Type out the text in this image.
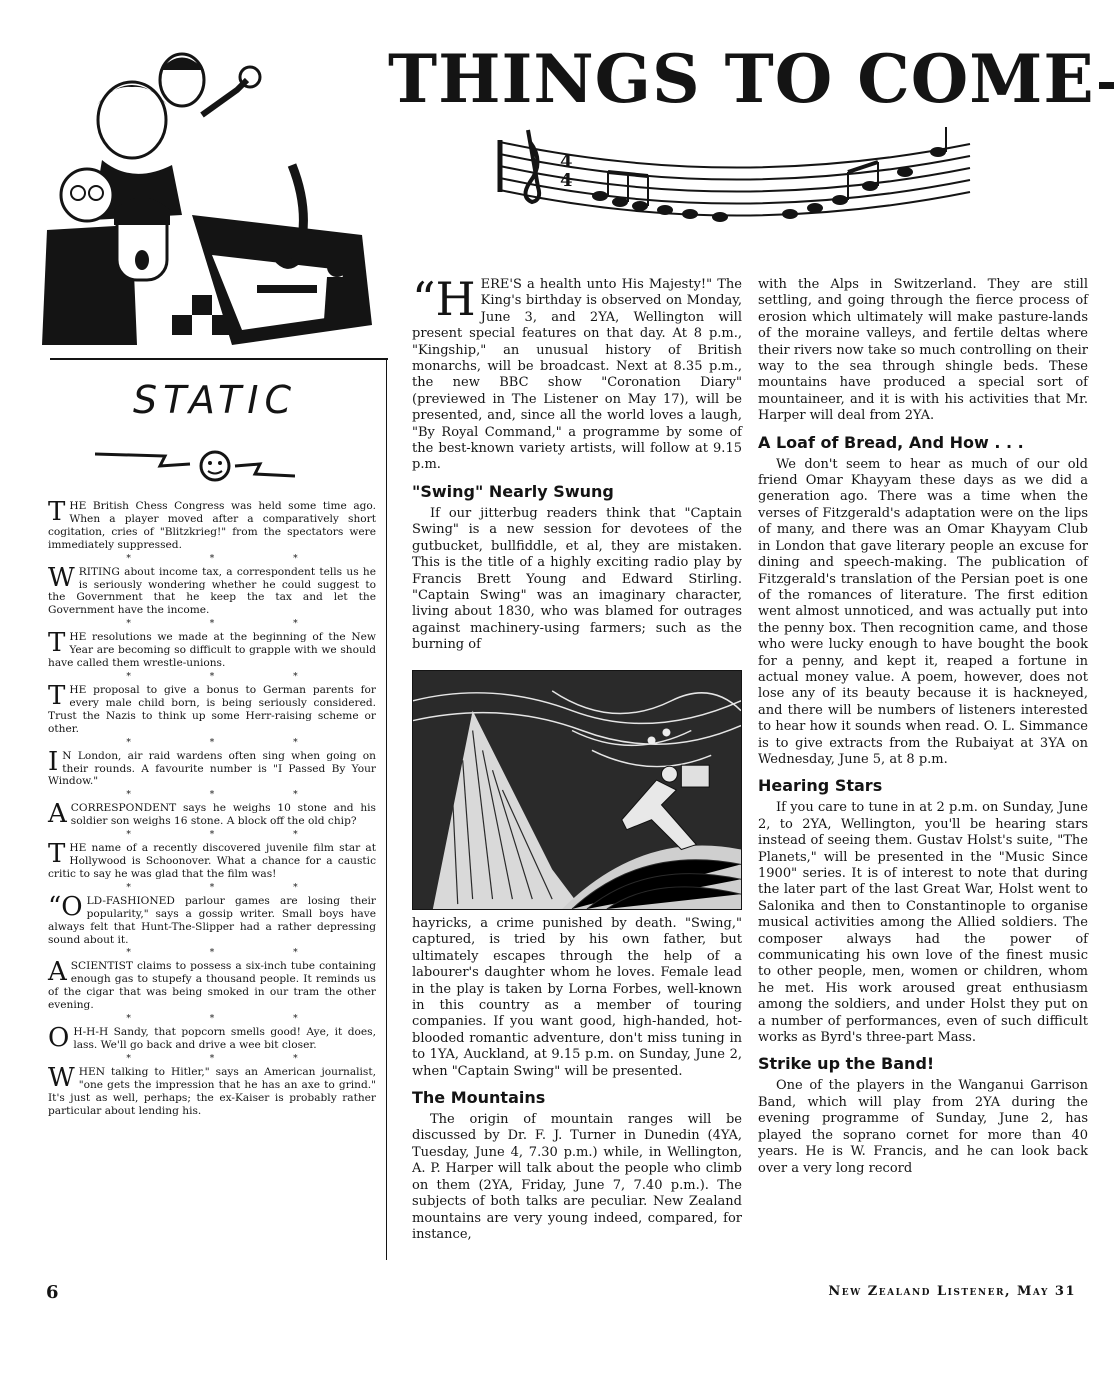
THINGS TO COME
4
4
STATIC
THE British Chess Congress was held some time ago. When a player moved after a comparatively short cogitation, cries of "Blitzkrieg!" from the spectators were immediately suppressed.
* * *
WRITING about income tax, a correspondent tells us he is seriously wondering whether he could suggest to the Government that he keep the tax and let the Government have the income.
* * *
THE resolutions we made at the beginning of the New Year are becoming so difficult to grapple with we should have called them wrestle-unions.
* * *
THE proposal to give a bonus to German parents for every male child born, is being seriously considered. Trust the Nazis to think up some Herr-raising scheme or other.
* * *
I N London, air raid wardens often sing when going on their rounds. A favourite number is "I Passed By Your Window."
* * *
A CORRESPONDENT says he weighs 10 stone and his soldier son weighs 16 stone. A block off the old chip?
* * *
THE name of a recently discovered juvenile film star at Hollywood is Schoonover. What a chance for a caustic critic to say he was glad that the film was!
* * *
“OLD-FASHIONED parlour games are losing their popularity," says a gossip writer. Small boys have always felt that Hunt-The-Slipper had a rather depressing sound about it.
* * *
A SCIENTIST claims to possess a six-inch tube containing enough gas to stupefy a thousand people. It reminds us of the cigar that was being smoked in our tram the other evening.
* * *
O H-H-H Sandy, that popcorn smells good! Aye, it does, lass. We'll go back and drive a wee bit closer.
* * *
WHEN talking to Hitler," says an American journalist, "one gets the impression that he has an axe to grind." It's just as well, perhaps; the ex-Kaiser is probably rather particular about lending his.

“HERE'S a health unto His Majesty!" The King's birthday is observed on Monday, June 3, and 2YA, Wellington will present special features on that day. At 8 p.m., "Kingship," an unusual history of British monarchs, will be broadcast. Next at 8.35 p.m., the new BBC show "Coronation Diary" (previewed in The Listener on May 17), will be presented, and, since all the world loves a laugh, "By Royal Command," a programme by some of the best-known variety artists, will follow at 9.15 p.m.

"Swing" Nearly Swung

If our jitterbug readers think that "Captain Swing" is a new session for devotees of the gutbucket, bullfiddle, et al, they are mistaken. This is the title of a highly exciting radio play by Francis Brett Young and Edward Stirling. "Captain Swing" was an imaginary character, living about 1830, who was blamed for outrages against machinery-using farmers; such as the burning of

hayricks, a crime punished by death. "Swing," captured, is tried by his own father, but ultimately escapes through the help of a labourer's daughter whom he loves. Female lead in the play is taken by Lorna Forbes, well-known in this country as a member of touring companies. If you want good, high-handed, hot-blooded romantic adventure, don't miss tuning in to 1YA, Auckland, at 9.15 p.m. on Sunday, June 2, when "Captain Swing" will be presented.

The Mountains

The origin of mountain ranges will be discussed by Dr. F. J. Turner in Dunedin (4YA, Tuesday, June 4, 7.30 p.m.) while, in Wellington, A. P. Harper will talk about the people who climb on them (2YA, Friday, June 7, 7.40 p.m.). The subjects of both talks are peculiar. New Zealand mountains are very young indeed, compared, for instance,

with the Alps in Switzerland. They are still settling, and going through the fierce process of erosion which ultimately will make pasture-lands of the moraine valleys, and fertile deltas where their rivers now take so much controlling on their way to the sea through shingle beds. These mountains have produced a special sort of mountaineer, and it is with his activities that Mr. Harper will deal from 2YA.

A Loaf of Bread, And How . . .

We don't seem to hear as much of our old friend Omar Khayyam these days as we did a generation ago. There was a time when the verses of Fitzgerald's adaptation were on the lips of many, and there was an Omar Khayyam Club in London that gave literary people an excuse for dining and speech-making. The publication of Fitzgerald's translation of the Persian poet is one of the romances of literature. The first edition went almost unnoticed, and was actually put into the penny box. Then recognition came, and those who were lucky enough to have bought the book for a penny, and kept it, reaped a fortune in actual money value. A poem, however, does not lose any of its beauty because it is hackneyed, and there will be numbers of listeners interested to hear how it sounds when read. O. L. Simmance is to give extracts from the Rubaiyat at 3YA on Wednesday, June 5, at 8 p.m.

Hearing Stars

If you care to tune in at 2 p.m. on Sunday, June 2, to 2YA, Wellington, you'll be hearing stars instead of seeing them. Gustav Holst's suite, "The Planets," will be presented in the "Music Since 1900" series. It is of interest to note that during the later part of the last Great War, Holst went to Salonika and then to Constantinople to organise musical activities among the Allied soldiers. The composer always had the power of communicating his own love of the finest music to other people, men, women or children, whom he met. His work aroused great enthusiasm among the soldiers, and under Holst they put on a number of performances, even of such difficult works as Byrd's three-part Mass.

Strike up the Band!

One of the players in the Wanganui Garrison Band, which will play from 2YA during the evening programme of Sunday, June 2, has played the soprano cornet for more than 40 years. He is W. Francis, and he can look back over a very long record

6	New Zealand Listener, May 31
